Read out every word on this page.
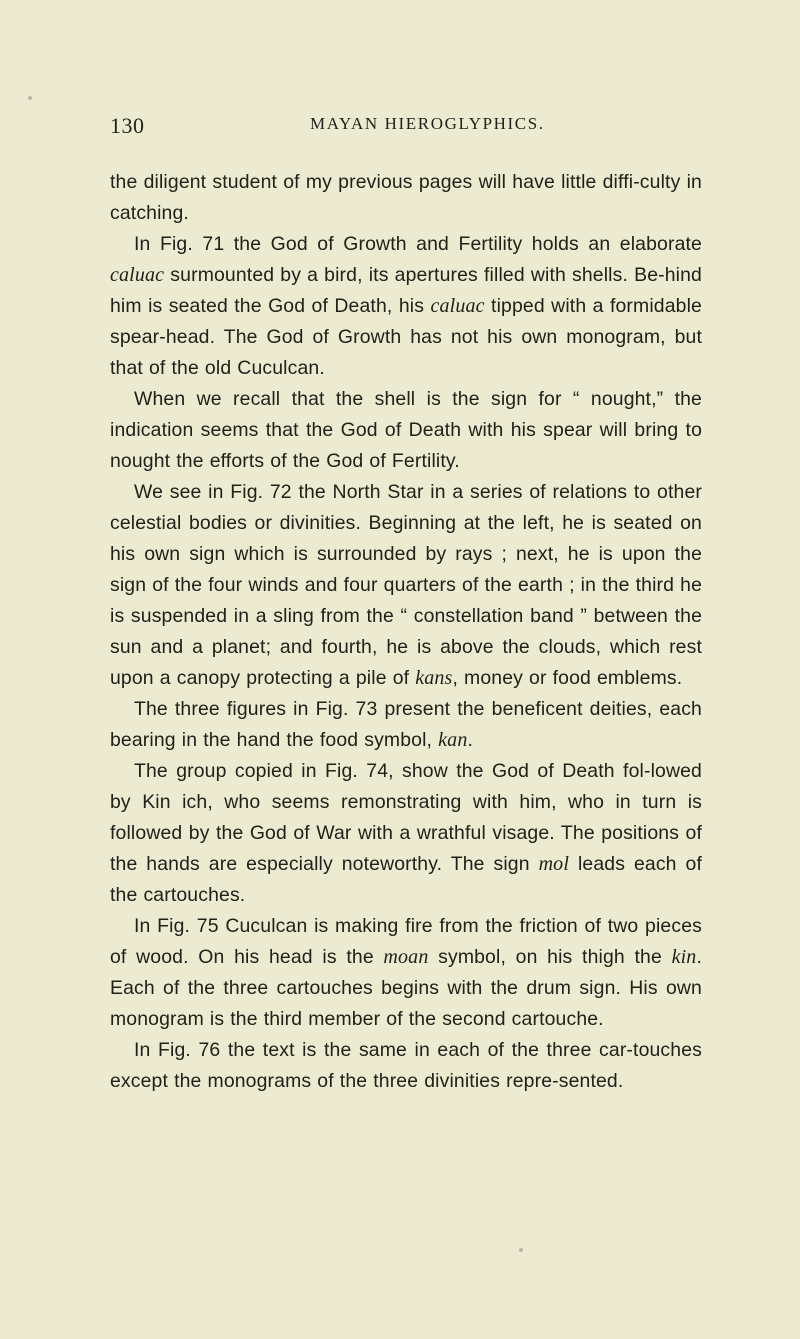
130	MAYAN HIEROGLYPHICS.

the diligent student of my previous pages will have little diffi-culty in catching.

In Fig. 71 the God of Growth and Fertility holds an elaborate caluac surmounted by a bird, its apertures filled with shells. Be-hind him is seated the God of Death, his caluac tipped with a formidable spear-head. The God of Growth has not his own monogram, but that of the old Cuculcan.

When we recall that the shell is the sign for “ nought,” the indication seems that the God of Death with his spear will bring to nought the efforts of the God of Fertility.

We see in Fig. 72 the North Star in a series of relations to other celestial bodies or divinities. Beginning at the left, he is seated on his own sign which is surrounded by rays ; next, he is upon the sign of the four winds and four quarters of the earth ; in the third he is suspended in a sling from the “ constellation band ” between the sun and a planet; and fourth, he is above the clouds, which rest upon a canopy protecting a pile of kans, money or food emblems.

The three figures in Fig. 73 present the beneficent deities, each bearing in the hand the food symbol, kan.

The group copied in Fig. 74, show the God of Death fol-lowed by Kin ich, who seems remonstrating with him, who in turn is followed by the God of War with a wrathful visage. The positions of the hands are especially noteworthy. The sign mol leads each of the cartouches.

In Fig. 75 Cuculcan is making fire from the friction of two pieces of wood. On his head is the moan symbol, on his thigh the kin. Each of the three cartouches begins with the drum sign. His own monogram is the third member of the second cartouche.

In Fig. 76 the text is the same in each of the three car-touches except the monograms of the three divinities repre-sented.
